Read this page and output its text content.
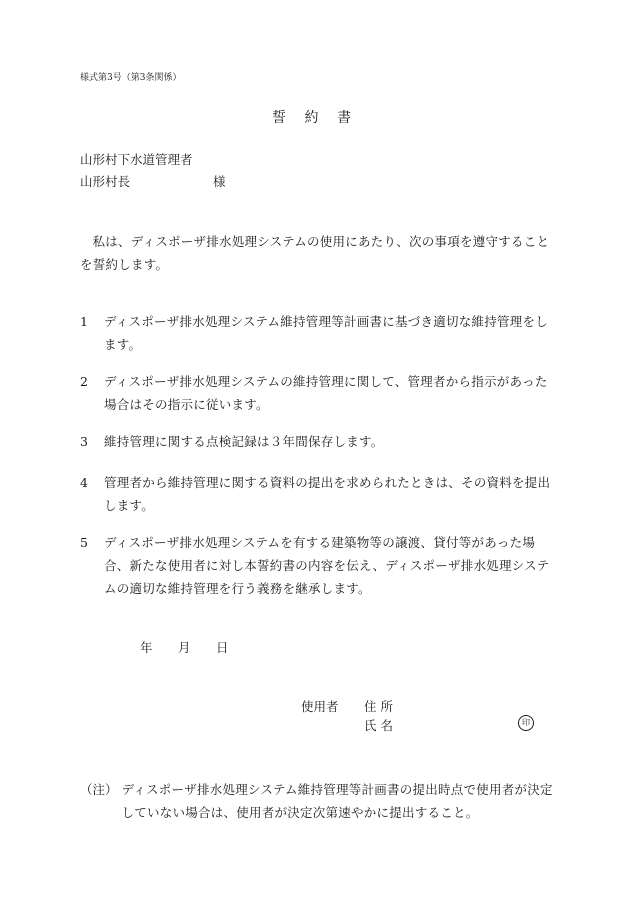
様式第3号（第3条関係）
誓 約 書
山形村下水道管理者
山形村長	様
私は、ディスポーザ排水処理システムの使用にあたり、次の事項を遵守することを誓約します。
1	ディスポーザ排水処理システム維持管理等計画書に基づき適切な維持管理をします。
2	ディスポーザ排水処理システムの維持管理に関して、管理者から指示があった場合はその指示に従います。
3	維持管理に関する点検記録は３年間保存します。
4	管理者から維持管理に関する資料の提出を求められたときは、その資料を提出します。
5	ディスポーザ排水処理システムを有する建築物等の譲渡、貸付等があった場合、新たな使用者に対し本誓約書の内容を伝え、ディスポーザ排水処理システムの適切な維持管理を行う義務を継承します。
年 月 日
使用者 住 所
氏 名	印
（注） ディスポーザ排水処理システム維持管理等計画書の提出時点で使用者が決定していない場合は、使用者が決定次第速やかに提出すること。
